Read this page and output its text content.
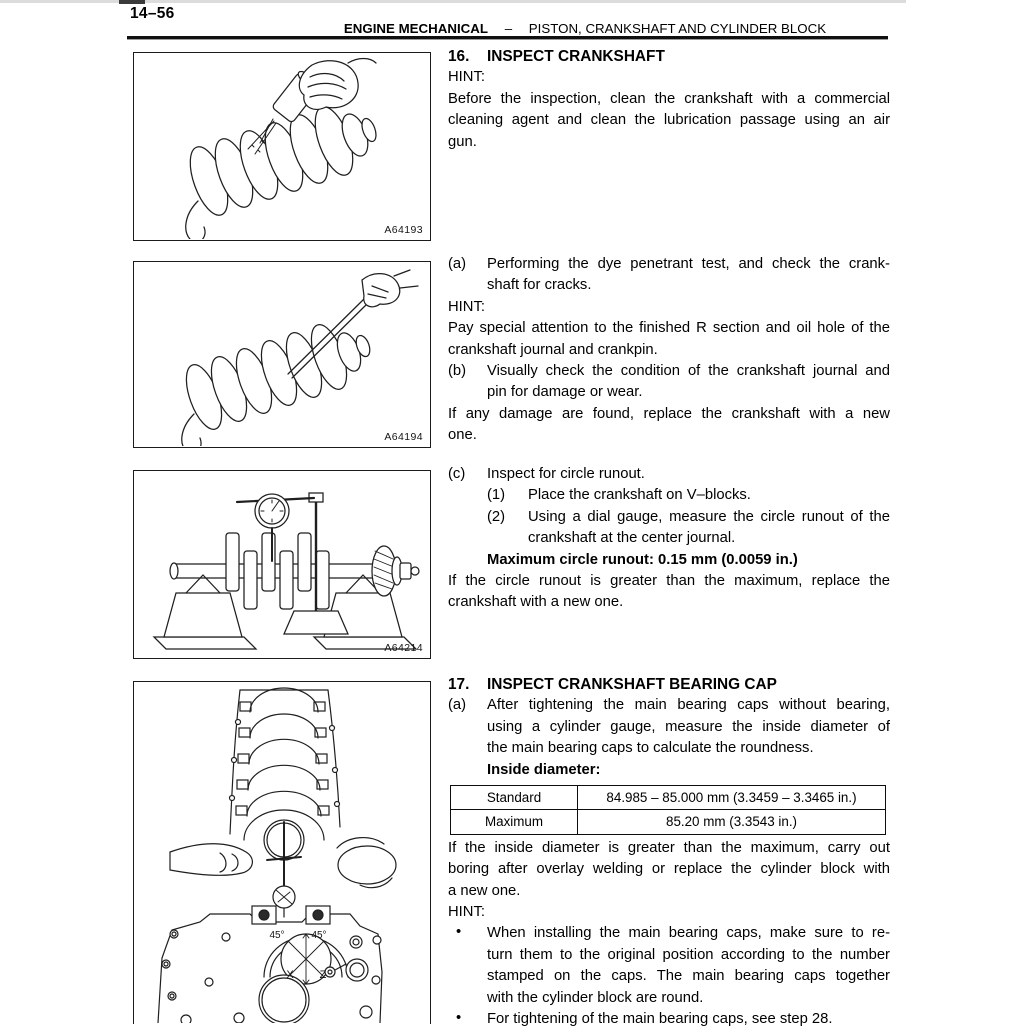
14–56
ENGINE MECHANICAL – PISTON, CRANKSHAFT AND CYLINDER BLOCK
A64193
A64194
A64214
45°	45°
X Z
16. INSPECT CRANKSHAFT
HINT:
Before the inspection, clean the crankshaft with a commercial
cleaning agent and clean the lubrication passage using an air
gun.
(a) Performing the dye penetrant test, and check the crank-
shaft for cracks.
HINT:
Pay special attention to the finished R section and oil hole of the
crankshaft journal and crankpin.
(b) Visually check the condition of the crankshaft journal and
pin for damage or wear.
If any damage are found, replace the crankshaft with a new
one.
(c) Inspect for circle runout.
(1) Place the crankshaft on V–blocks.
(2) Using a dial gauge, measure the circle runout of the
crankshaft at the center journal.
Maximum circle runout: 0.15 mm (0.0059 in.)
If the circle runout is greater than the maximum, replace the
crankshaft with a new one.
17. INSPECT CRANKSHAFT BEARING CAP
(a) After tightening the main bearing caps without bearing,
using a cylinder gauge, measure the inside diameter of
the main bearing caps to calculate the roundness.
Inside diameter:
Standard	84.985 – 85.000 mm (3.3459 – 3.3465 in.)
Maximum	85.20 mm (3.3543 in.)
If the inside diameter is greater than the maximum, carry out
boring after overlay welding or replace the cylinder block with
a new one.
HINT:
• When installing the main bearing caps, make sure to re-
turn them to the original position according to the number
stamped on the caps. The main bearing caps together
with the cylinder block are round.
• For tightening of the main bearing caps, see step 28.
